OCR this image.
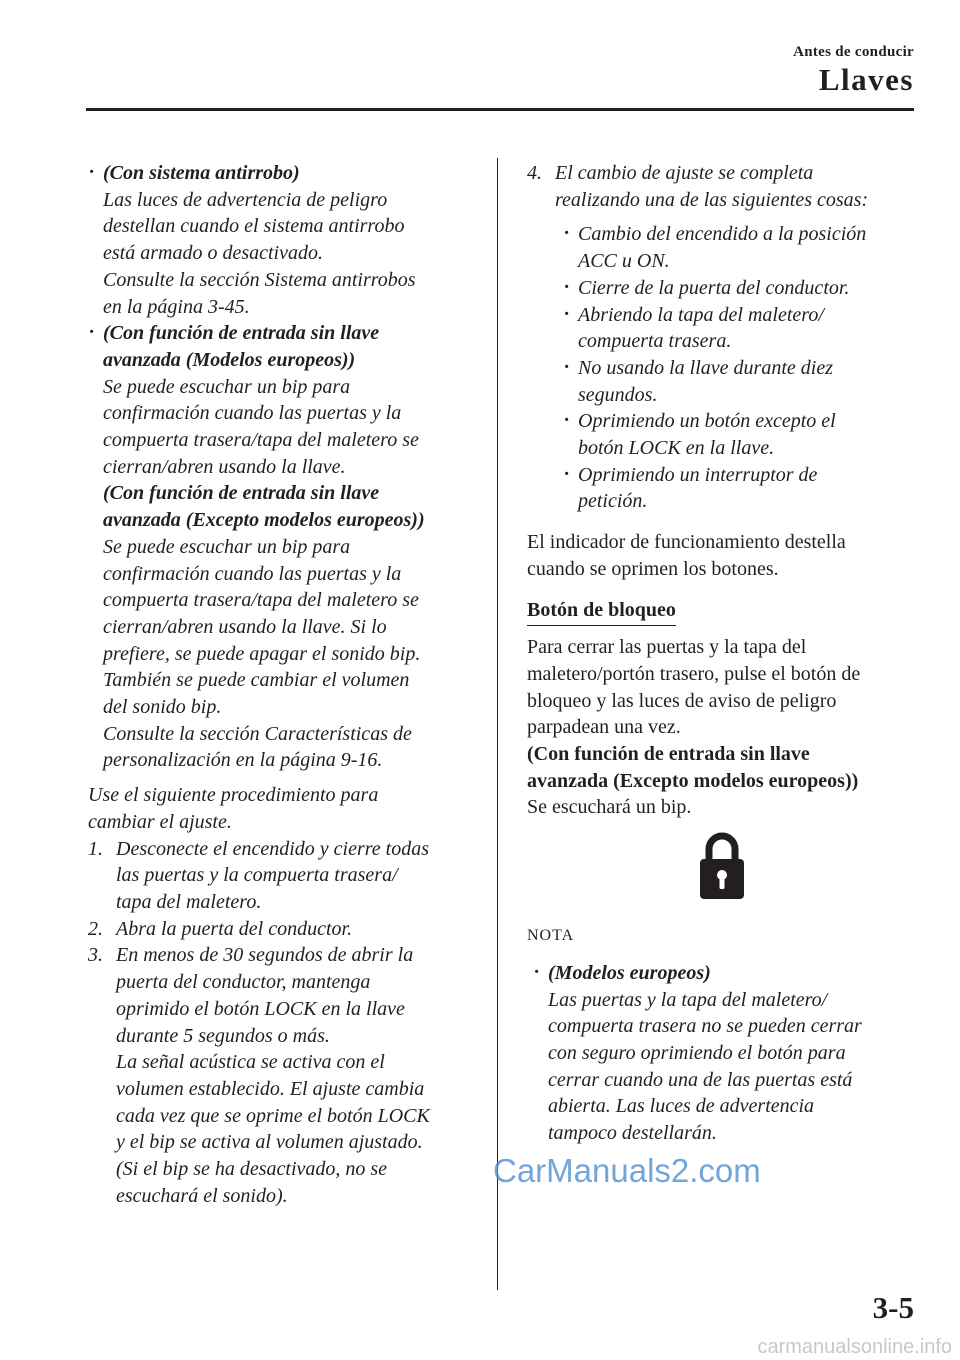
Antes de conducir
Llaves
· (Con sistema antirrobo)
Las luces de advertencia de peligro
destellan cuando el sistema antirrobo
está armado o desactivado.
Consulte la sección Sistema antirrobos
en la página 3-45.
· (Con función de entrada sin llave
avanzada (Modelos europeos))
Se puede escuchar un bip para
confirmación cuando las puertas y la
compuerta trasera/tapa del maletero se
cierran/abren usando la llave.
(Con función de entrada sin llave
avanzada (Excepto modelos europeos))
Se puede escuchar un bip para
confirmación cuando las puertas y la
compuerta trasera/tapa del maletero se
cierran/abren usando la llave. Si lo
prefiere, se puede apagar el sonido bip.
También se puede cambiar el volumen
del sonido bip.
Consulte la sección Características de
personalización en la página 9-16.
Use el siguiente procedimiento para
cambiar el ajuste.
1. Desconecte el encendido y cierre todas
las puertas y la compuerta trasera/
tapa del maletero.
2. Abra la puerta del conductor.
3. En menos de 30 segundos de abrir la
puerta del conductor, mantenga
oprimido el botón LOCK en la llave
durante 5 segundos o más.
La señal acústica se activa con el
volumen establecido. El ajuste cambia
cada vez que se oprime el botón LOCK
y el bip se activa al volumen ajustado.
(Si el bip se ha desactivado, no se
escuchará el sonido).
4. El cambio de ajuste se completa
realizando una de las siguientes cosas:
· Cambio del encendido a la posición
ACC u ON.
· Cierre de la puerta del conductor.
· Abriendo la tapa del maletero/
compuerta trasera.
· No usando la llave durante diez
segundos.
· Oprimiendo un botón excepto el
botón LOCK en la llave.
· Oprimiendo un interruptor de
petición.
El indicador de funcionamiento destella
cuando se oprimen los botones.
Botón de bloqueo
Para cerrar las puertas y la tapa del
maletero/portón trasero, pulse el botón de
bloqueo y las luces de aviso de peligro
parpadean una vez.
(Con función de entrada sin llave
avanzada (Excepto modelos europeos))
Se escuchará un bip.
NOTA
· (Modelos europeos)
Las puertas y la tapa del maletero/
compuerta trasera no se pueden cerrar
con seguro oprimiendo el botón para
cerrar cuando una de las puertas está
abierta. Las luces de advertencia
tampoco destellarán.
CarManuals2.com
3-5
carmanualsonline.info
